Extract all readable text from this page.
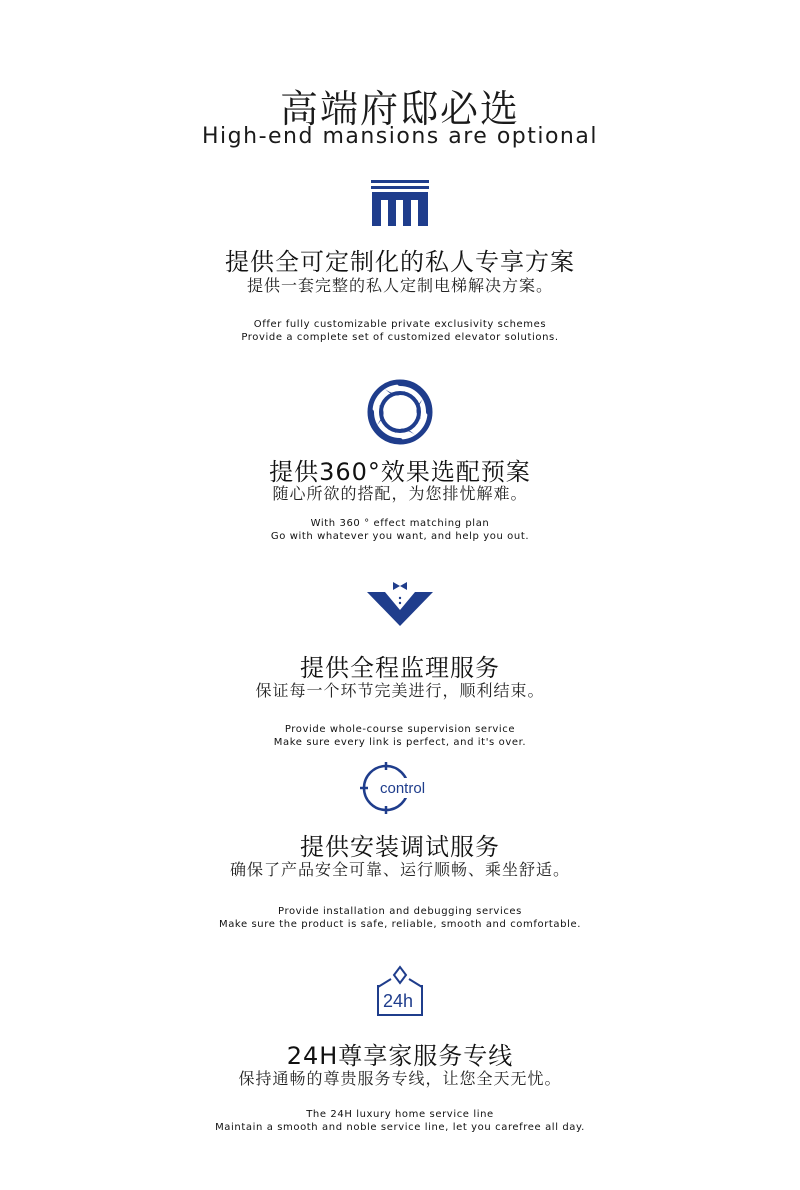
高端府邸必选
High-end mansions are optional
提供全可定制化的私人专享方案
提供一套完整的私人定制电梯解决方案。
Offer fully customizable private exclusivity schemes
Provide a complete set of customized elevator solutions.
提供360°效果选配预案
随心所欲的搭配，为您排忧解难。
With 360 ° effect matching plan
Go with whatever you want, and help you out.
提供全程监理服务
保证每一个环节完美进行，顺利结束。
Provide whole-course supervision service
Make sure every link is perfect, and it's over.
control
提供安装调试服务
确保了产品安全可靠、运行顺畅、乘坐舒适。
Provide installation and debugging services
Make sure the product is safe, reliable, smooth and comfortable.
24h
24H尊享家服务专线
保持通畅的尊贵服务专线，让您全天无忧。
The 24H luxury home service line
Maintain a smooth and noble service line, let you carefree all day.
